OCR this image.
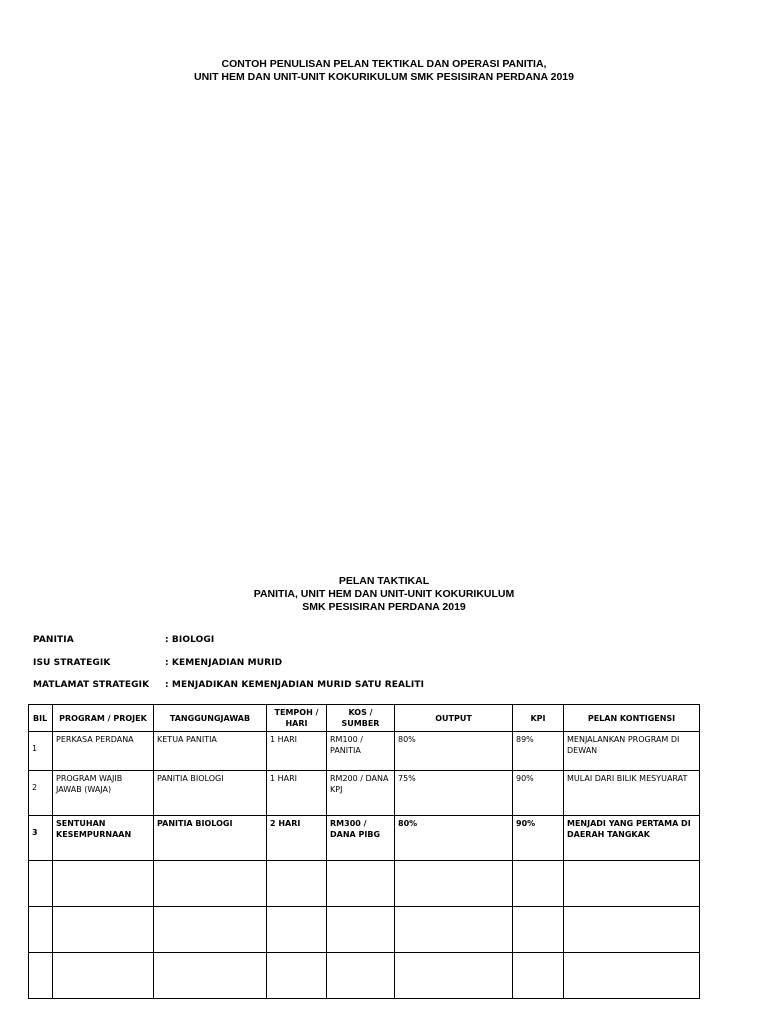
CONTOH PENULISAN PELAN TEKTIKAL DAN OPERASI PANITIA,
UNIT HEM DAN UNIT-UNIT KOKURIKULUM SMK PESISIRAN PERDANA 2019
PELAN TAKTIKAL
PANITIA, UNIT HEM DAN UNIT-UNIT KOKURIKULUM
SMK PESISIRAN PERDANA 2019
PANITIA	: BIOLOGI
ISU STRATEGIK	: KEMENJADIAN MURID
MATLAMAT STRATEGIK : MENJADIKAN KEMENJADIAN MURID SATU REALITI
BIL	PROGRAM / PROJEK	TANGGUNGJAWAB	TEMPOH / HARI	KOS / SUMBER	OUTPUT	KPI	PELAN KONTIGENSI

1	PERKASA PERDANA	KETUA PANITIA	1 HARI	RM100 / PANITIA	80%	89%	MENJALANKAN PROGRAM DI DEWAN

2	PROGRAM WAJIB JAWAB (WAJA)	PANITIA BIOLOGI	1 HARI	RM200 / DANA KPJ	75%	90%	MULAI DARI BILIK MESYUARAT

3	SENTUHAN KESEMPURNAAN	PANITIA BIOLOGI	2 HARI	RM300 / DANA PIBG	80%	90%	MENJADI YANG PERTAMA DI DAERAH TANGKAK
